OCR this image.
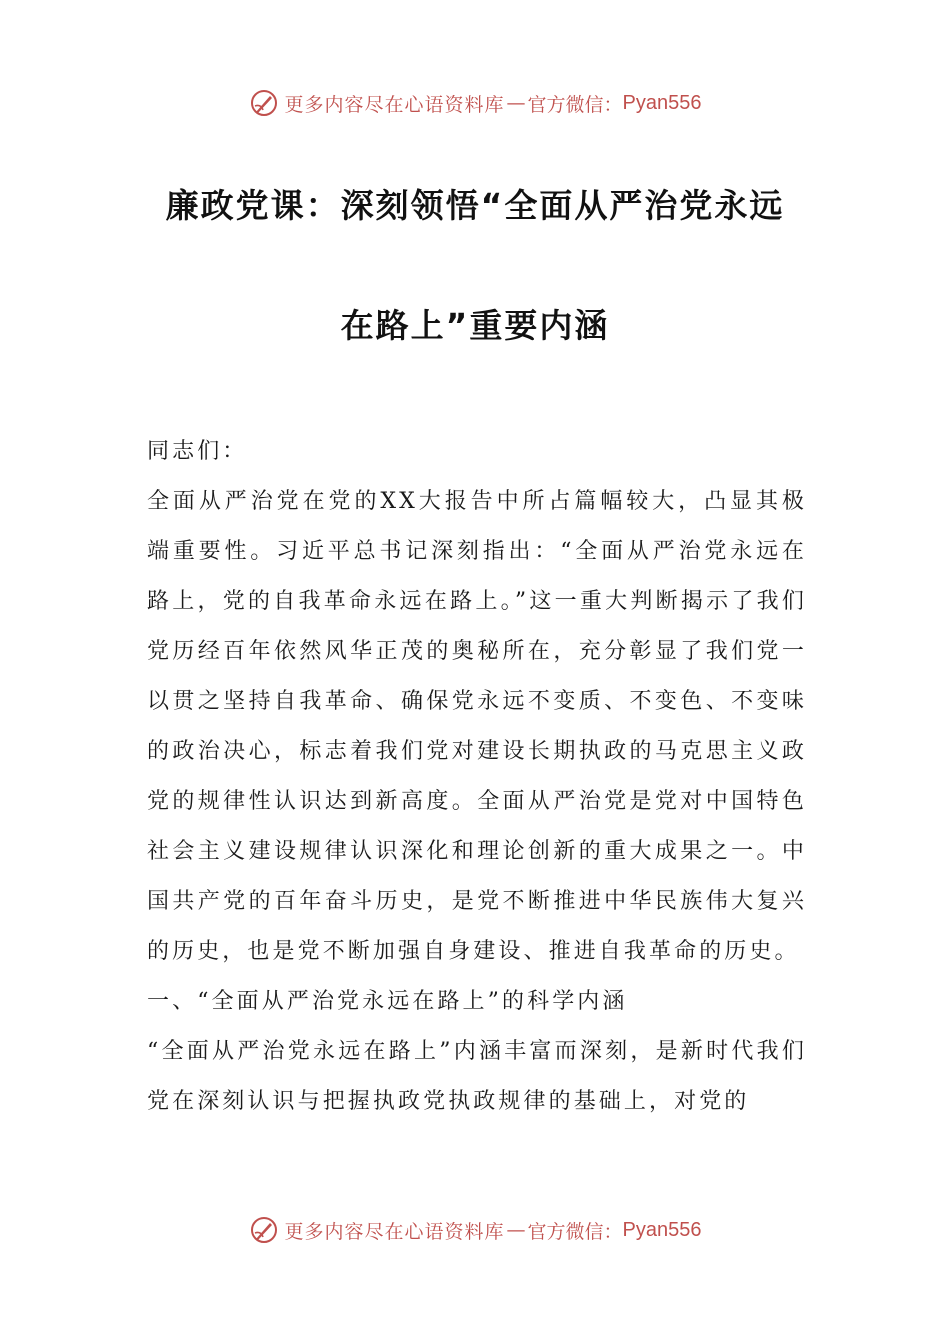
更多内容尽在心语资料库 — 官方微信： Pyan556
廉政党课：深刻领悟“全面从严治党永远
在路上”重要内涵

同志们：

全面从严治党在党的XX大报告中所占篇幅较大，凸显其极端重要性。习近平总书记深刻指出：“全面从严治党永远在路上，党的自我革命永远在路上。”这一重大判断揭示了我们党历经百年依然风华正茂的奥秘所在，充分彰显了我们党一以贯之坚持自我革命、确保党永远不变质、不变色、不变味的政治决心，标志着我们党对建设长期执政的马克思主义政党的规律性认识达到新高度。全面从严治党是党对中国特色社会主义建设规律认识深化和理论创新的重大成果之一。中国共产党的百年奋斗历史，是党不断推进中华民族伟大复兴的历史，也是党不断加强自身建设、推进自我革命的历史。

一、“全面从严治党永远在路上”的科学内涵

“全面从严治党永远在路上”内涵丰富而深刻，是新时代我们党在深刻认识与把握执政党执政规律的基础上，对党的

更多内容尽在心语资料库 — 官方微信： Pyan556
